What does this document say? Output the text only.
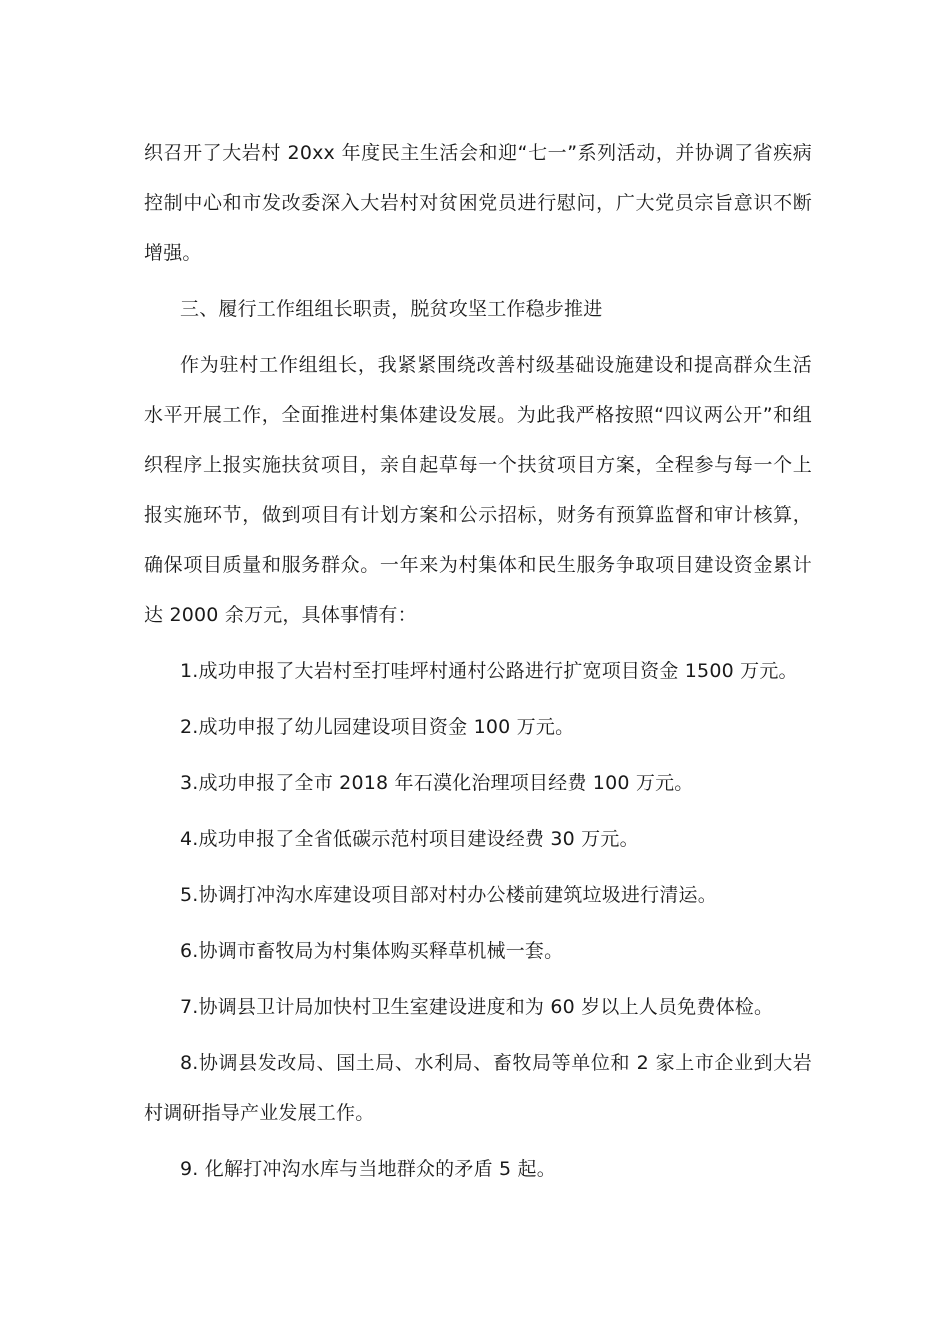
织召开了大岩村 20xx 年度民主生活会和迎“七一”系列活动，并协调了省疾病控制中心和市发改委深入大岩村对贫困党员进行慰问，广大党员宗旨意识不断增强。

三、履行工作组组长职责，脱贫攻坚工作稳步推进

作为驻村工作组组长，我紧紧围绕改善村级基础设施建设和提高群众生活水平开展工作，全面推进村集体建设发展。为此我严格按照“四议两公开”和组织程序上报实施扶贫项目，亲自起草每一个扶贫项目方案，全程参与每一个上报实施环节，做到项目有计划方案和公示招标，财务有预算监督和审计核算，确保项目质量和服务群众。一年来为村集体和民生服务争取项目建设资金累计达 2000 余万元，具体事情有：

1.成功申报了大岩村至打哇坪村通村公路进行扩宽项目资金 1500 万元。

2.成功申报了幼儿园建设项目资金 100 万元。

3.成功申报了全市 2018 年石漠化治理项目经费 100 万元。

4.成功申报了全省低碳示范村项目建设经费 30 万元。

5.协调打冲沟水库建设项目部对村办公楼前建筑垃圾进行清运。

6.协调市畜牧局为村集体购买释草机械一套。

7.协调县卫计局加快村卫生室建设进度和为 60 岁以上人员免费体检。

8.协调县发改局、国土局、水利局、畜牧局等单位和 2 家上市企业到大岩村调研指导产业发展工作。

9. 化解打冲沟水库与当地群众的矛盾 5 起。
